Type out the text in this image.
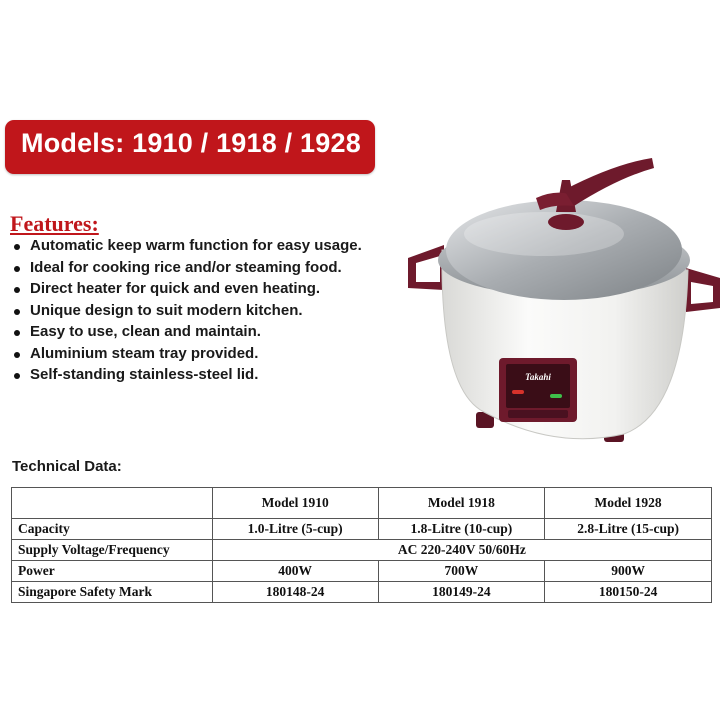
Models: 1910 / 1918 / 1928
Features:
Automatic keep warm function for easy usage.
Ideal for cooking rice and/or steaming food.
Direct heater for quick and even heating.
Unique design to suit modern kitchen.
Easy to use, clean and maintain.
Aluminium steam tray provided.
Self-standing stainless-steel lid.	Takahi
Technical Data:
	Model 1910	Model 1918	Model 1928
Capacity	1.0-Litre (5-cup)	1.8-Litre (10-cup)	2.8-Litre (15-cup)
Supply Voltage/Frequency	AC 220-240V 50/60Hz		
Power	400W	700W	900W
Singapore Safety Mark	180148-24	180149-24	180150-24
